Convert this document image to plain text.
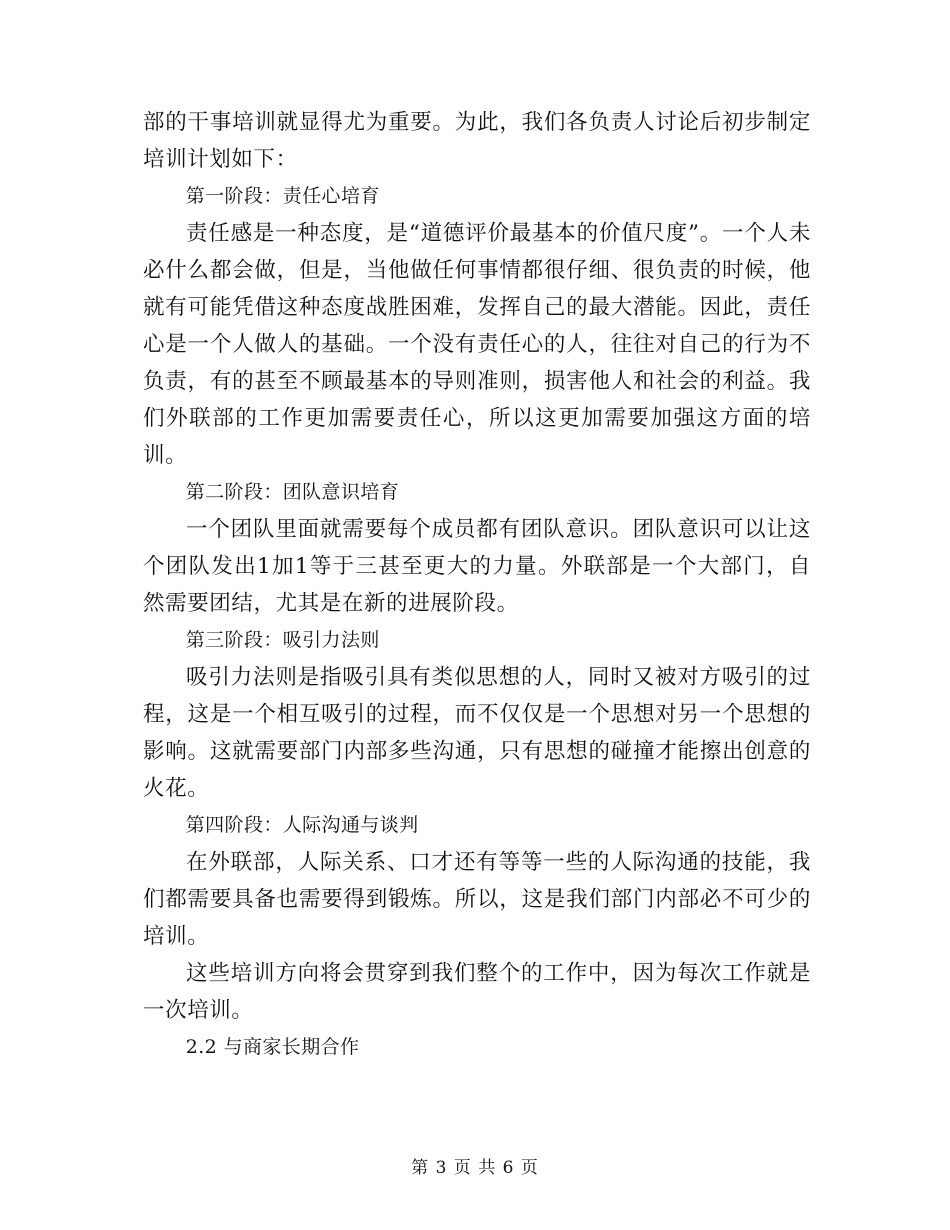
部的干事培训就显得尤为重要。为此，我们各负责人讨论后初步制定培训计划如下：

第一阶段：责任心培育

责任感是一种态度，是“道德评价最基本的价值尺度”。一个人未必什么都会做，但是，当他做任何事情都很仔细、很负责的时候，他就有可能凭借这种态度战胜困难，发挥自己的最大潜能。因此，责任心是一个人做人的基础。一个没有责任心的人，往往对自己的行为不负责，有的甚至不顾最基本的导则准则，损害他人和社会的利益。我们外联部的工作更加需要责任心，所以这更加需要加强这方面的培训。

第二阶段：团队意识培育

一个团队里面就需要每个成员都有团队意识。团队意识可以让这个团队发出1加1等于三甚至更大的力量。外联部是一个大部门，自然需要团结，尤其是在新的进展阶段。

第三阶段：吸引力法则

吸引力法则是指吸引具有类似思想的人，同时又被对方吸引的过程，这是一个相互吸引的过程，而不仅仅是一个思想对另一个思想的影响。这就需要部门内部多些沟通，只有思想的碰撞才能擦出创意的火花。

第四阶段：人际沟通与谈判

在外联部，人际关系、口才还有等等一些的人际沟通的技能，我们都需要具备也需要得到锻炼。所以，这是我们部门内部必不可少的培训。

这些培训方向将会贯穿到我们整个的工作中，因为每次工作就是一次培训。

2.2 与商家长期合作

第 3 页 共 6 页
